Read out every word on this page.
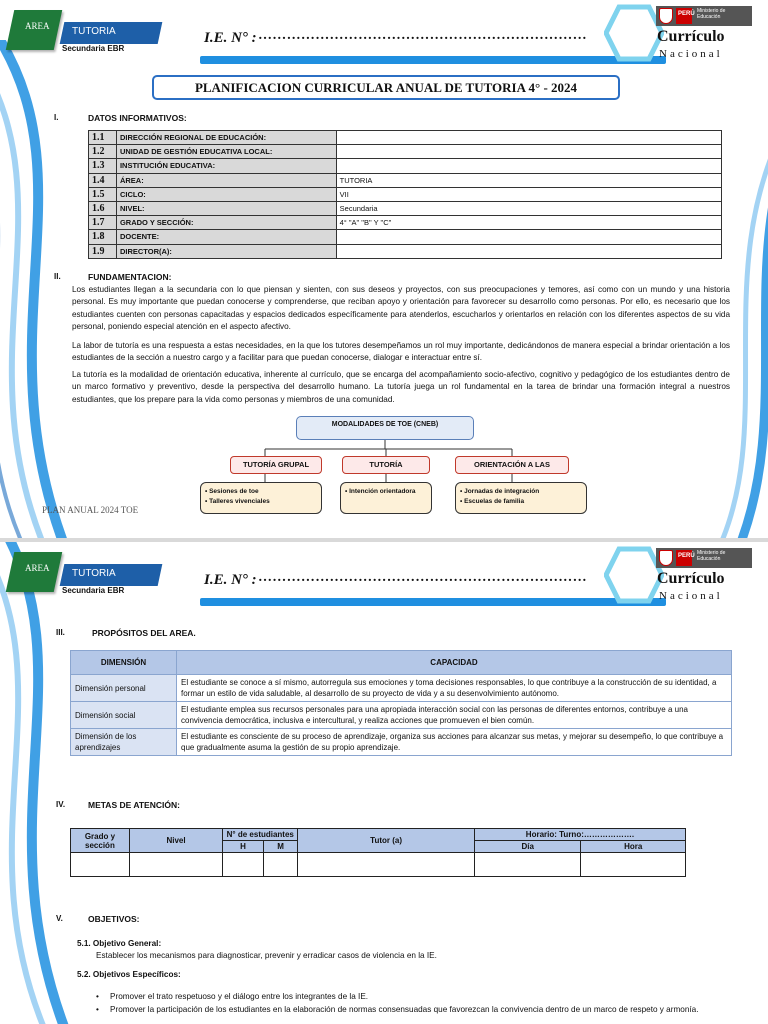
AREA TUTORIA
Secundaria EBR
I.E. N° : ……………………………………………………………
PERÚ Ministerio de Educación
Currículo
Nacional
PLANIFICACION CURRICULAR ANUAL DE TUTORIA 4° - 2024
I.	DATOS INFORMATIVOS:
1.1	DIRECCIÓN REGIONAL DE EDUCACIÓN:	
1.2	UNIDAD DE GESTIÓN EDUCATIVA LOCAL:	
1.3	INSTITUCIÓN EDUCATIVA:	
1.4	ÁREA:	TUTORIA
1.5	CICLO:	VII
1.6	NIVEL:	Secundaria
1.7	GRADO Y SECCIÓN:	4° "A" "B" Y "C"
1.8	DOCENTE:	
1.9	DIRECTOR(A):	
II.	FUNDAMENTACION:
Los estudiantes llegan a la secundaria con lo que piensan y sienten, con sus deseos y proyectos, con sus preocupaciones y temores, así como con un mundo y una historia personal. Es muy importante que puedan conocerse y comprenderse, que reciban apoyo y orientación para favorecer su desarrollo como personas. Por ello, es necesario que los estudiantes cuenten con personas capacitadas y espacios dedicados específicamente para atenderlos, escucharlos y orientarlos en relación con los diferentes aspectos de su vida personal, poniendo especial atención en el aspecto afectivo.
La labor de tutoría es una respuesta a estas necesidades, en la que los tutores desempeñamos un rol muy importante, dedicándonos de manera especial a brindar orientación a los estudiantes de la sección a nuestro cargo y a facilitar para que puedan conocerse, dialogar e interactuar entre sí.
La tutoría es la modalidad de orientación educativa, inherente al currículo, que se encarga del acompañamiento socio-afectivo, cognitivo y pedagógico de los estudiantes dentro de un marco formativo y preventivo, desde la perspectiva del desarrollo humano. La tutoría juega un rol fundamental en la tarea de brindar una formación integral a nuestros estudiantes, que los prepare para la vida como personas y miembros de una comunidad.
MODALIDADES DE TOE (CNEB)
TUTORÍA GRUPAL	TUTORÍA	ORIENTACIÓN A LAS
• Sesiones de toe
• Talleres vivenciales
• Intención orientadora	• Jornadas de integración
• Escuelas de familia
PLAN ANUAL 2024 TOE
AREA TUTORIA
Secundaria EBR
I.E. N° : ……………………………………………………………
PERÚ Ministerio de Educación
Currículo
Nacional
III.	PROPÓSITOS DEL AREA.
DIMENSIÓN	CAPACIDAD
Dimensión personal	El estudiante se conoce a sí mismo, autorregula sus emociones y toma decisiones responsables, lo que contribuye a la construcción de su identidad, a formar un estilo de vida saludable, al desarrollo de su proyecto de vida y a su desenvolvimiento autónomo.
Dimensión social	El estudiante emplea sus recursos personales para una apropiada interacción social con las personas de diferentes entornos, contribuye a una convivencia democrática, inclusiva e intercultural, y realiza acciones que promueven el bien común.
Dimensión de los aprendizajes	El estudiante es consciente de su proceso de aprendizaje, organiza sus acciones para alcanzar sus metas, y mejorar su desempeño, lo que contribuye a que gradualmente asuma la gestión de su propio aprendizaje.
IV.	METAS DE ATENCIÓN:
Grado y sección	Nivel	N° de estudiantes		Tutor (a)	Horario: Turno:……………….	
		H	M		Día	Hora

V.	OBJETIVOS:
5.1. Objetivo General:
Establecer los mecanismos para diagnosticar, prevenir y erradicar casos de violencia en la IE.
5.2. Objetivos Específicos:
• Promover el trato respetuoso y el diálogo entre los integrantes de la IE.
• Promover la participación de los estudiantes en la elaboración de normas consensuadas que favorezcan la convivencia dentro de un marco de respeto y armonía.
